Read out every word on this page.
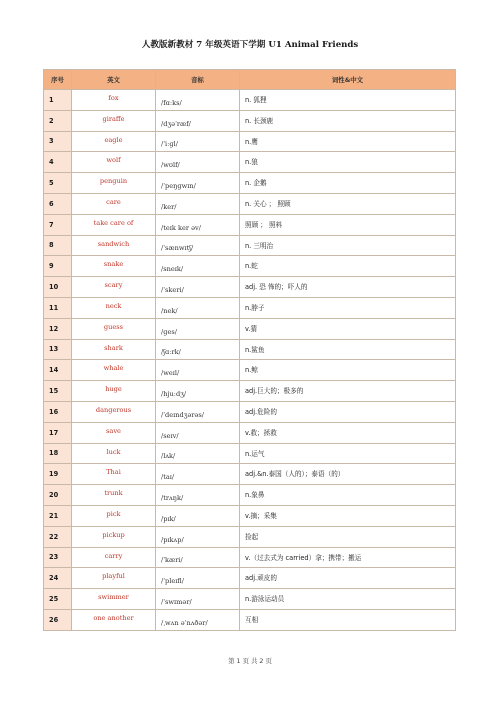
人教版新教材 7 年级英语下学期 U1 Animal Friends
序号	英文	音标	词性&中文
1	fox	/fɑːks/	n. 狐狸
2	giraffe	/dʒəˈræf/	n. 长颈鹿
3	eagle	/ˈiːɡl/	n.鹰
4	wolf	/wʊlf/	n.狼
5	penguin	/ˈpeŋɡwɪn/	n. 企鹅
6	care	/ker/	n. 关心 ； 照顾
7	take care of	/teɪk ker əv/	照顾 ； 照料
8	sandwich	/ˈsænwɪtʃ/	n. 三明治
9	snake	/sneɪk/	n.蛇
10	scary	/ˈskeri/	adj. 恐 怖的；吓人的
11	neck	/nek/	n.脖子
12	guess	/ɡes/	v.猜
13	shark	/ʃɑːrk/	n.鲨鱼
14	whale	/weɪl/	n.鲸
15	huge	/hjuːdʒ/	adj.巨大的；极多的
16	dangerous	/ˈdeɪndʒərəs/	adj.危险的
17	save	/seɪv/	v.救；拯救
18	luck	/lʌk/	n.运气
19	Thai	/taɪ/	adj.&n.泰国（人的）；泰语（的）
20	trunk	/trʌŋk/	n.象鼻
21	pick	/pɪk/	v.摘；采集
22	pickup	/pɪkʌp/	捡起
23	carry	/ˈkæri/	v.（过去式为 carried）拿；携带；搬运
24	playful	/ˈpleɪfl/	adj.顽皮的
25	swimmer	/ˈswɪmər/	n.游泳运动员
26	one another	/ˌwʌn əˈnʌðər/	互相
第 1 页 共 2 页
